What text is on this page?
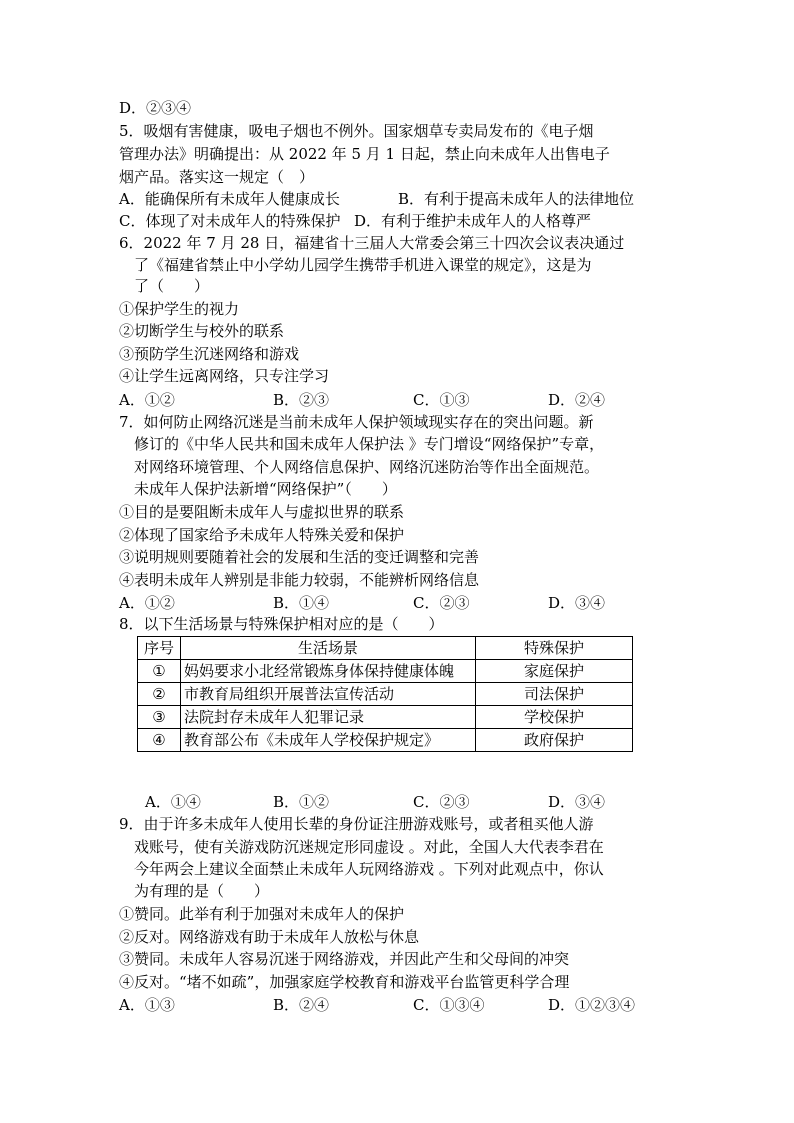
D．②③④
5．吸烟有害健康，吸电子烟也不例外。国家烟草专卖局发布的《电子烟
管理办法》明确提出：从 2022 年 5 月 1 日起，禁止向未成年人出售电子
烟产品。落实这一规定（　）
A．能确保所有未成年人健康成长	B．有利于提高未成年人的法律地位
C．体现了对未成年人的特殊保护 D．有利于维护未成年人的人格尊严
6．2022 年 7 月 28 日，福建省十三届人大常委会第三十四次会议表决通过
了《福建省禁止中小学幼儿园学生携带手机进入课堂的规定》，这是为
了（　　）
①保护学生的视力
②切断学生与校外的联系
③预防学生沉迷网络和游戏
④让学生远离网络，只专注学习
A．①②	B．②③	C．①③	D．②④
7．如何防止网络沉迷是当前未成年人保护领域现实存在的突出问题。新
修订的《中华人民共和国未成年人保护法 》专门增设“网络保护”专章，
对网络环境管理、个人网络信息保护、网络沉迷防治等作出全面规范。
未成年人保护法新增“网络保护”（　　）
①目的是要阻断未成年人与虚拟世界的联系
②体现了国家给予未成年人特殊关爱和保护
③说明规则要随着社会的发展和生活的变迁调整和完善
④表明未成年人辨别是非能力较弱，不能辨析网络信息
A．①②	B．①④	C．②③	D．③④
8．以下生活场景与特殊保护相对应的是（　　）
序号	生活场景	特殊保护
①	妈妈要求小北经常锻炼身体保持健康体魄	家庭保护
②	市教育局组织开展普法宣传活动	司法保护
③	法院封存未成年人犯罪记录	学校保护
④	教育部公布《未成年人学校保护规定》	政府保护
A．①④	B．①②	C．②③	D．③④
9．由于许多未成年人使用长辈的身份证注册游戏账号，或者租买他人游
戏账号，使有关游戏防沉迷规定形同虚设 。对此，全国人大代表李君在
今年两会上建议全面禁止未成年人玩网络游戏 。下列对此观点中，你认
为有理的是（　　）
①赞同。此举有利于加强对未成年人的保护
②反对。网络游戏有助于未成年人放松与休息
③赞同。未成年人容易沉迷于网络游戏，并因此产生和父母间的冲突
④反对。“堵不如疏”，加强家庭学校教育和游戏平台监管更科学合理
A．①③	B．②④	C．①③④	D．①②③④
